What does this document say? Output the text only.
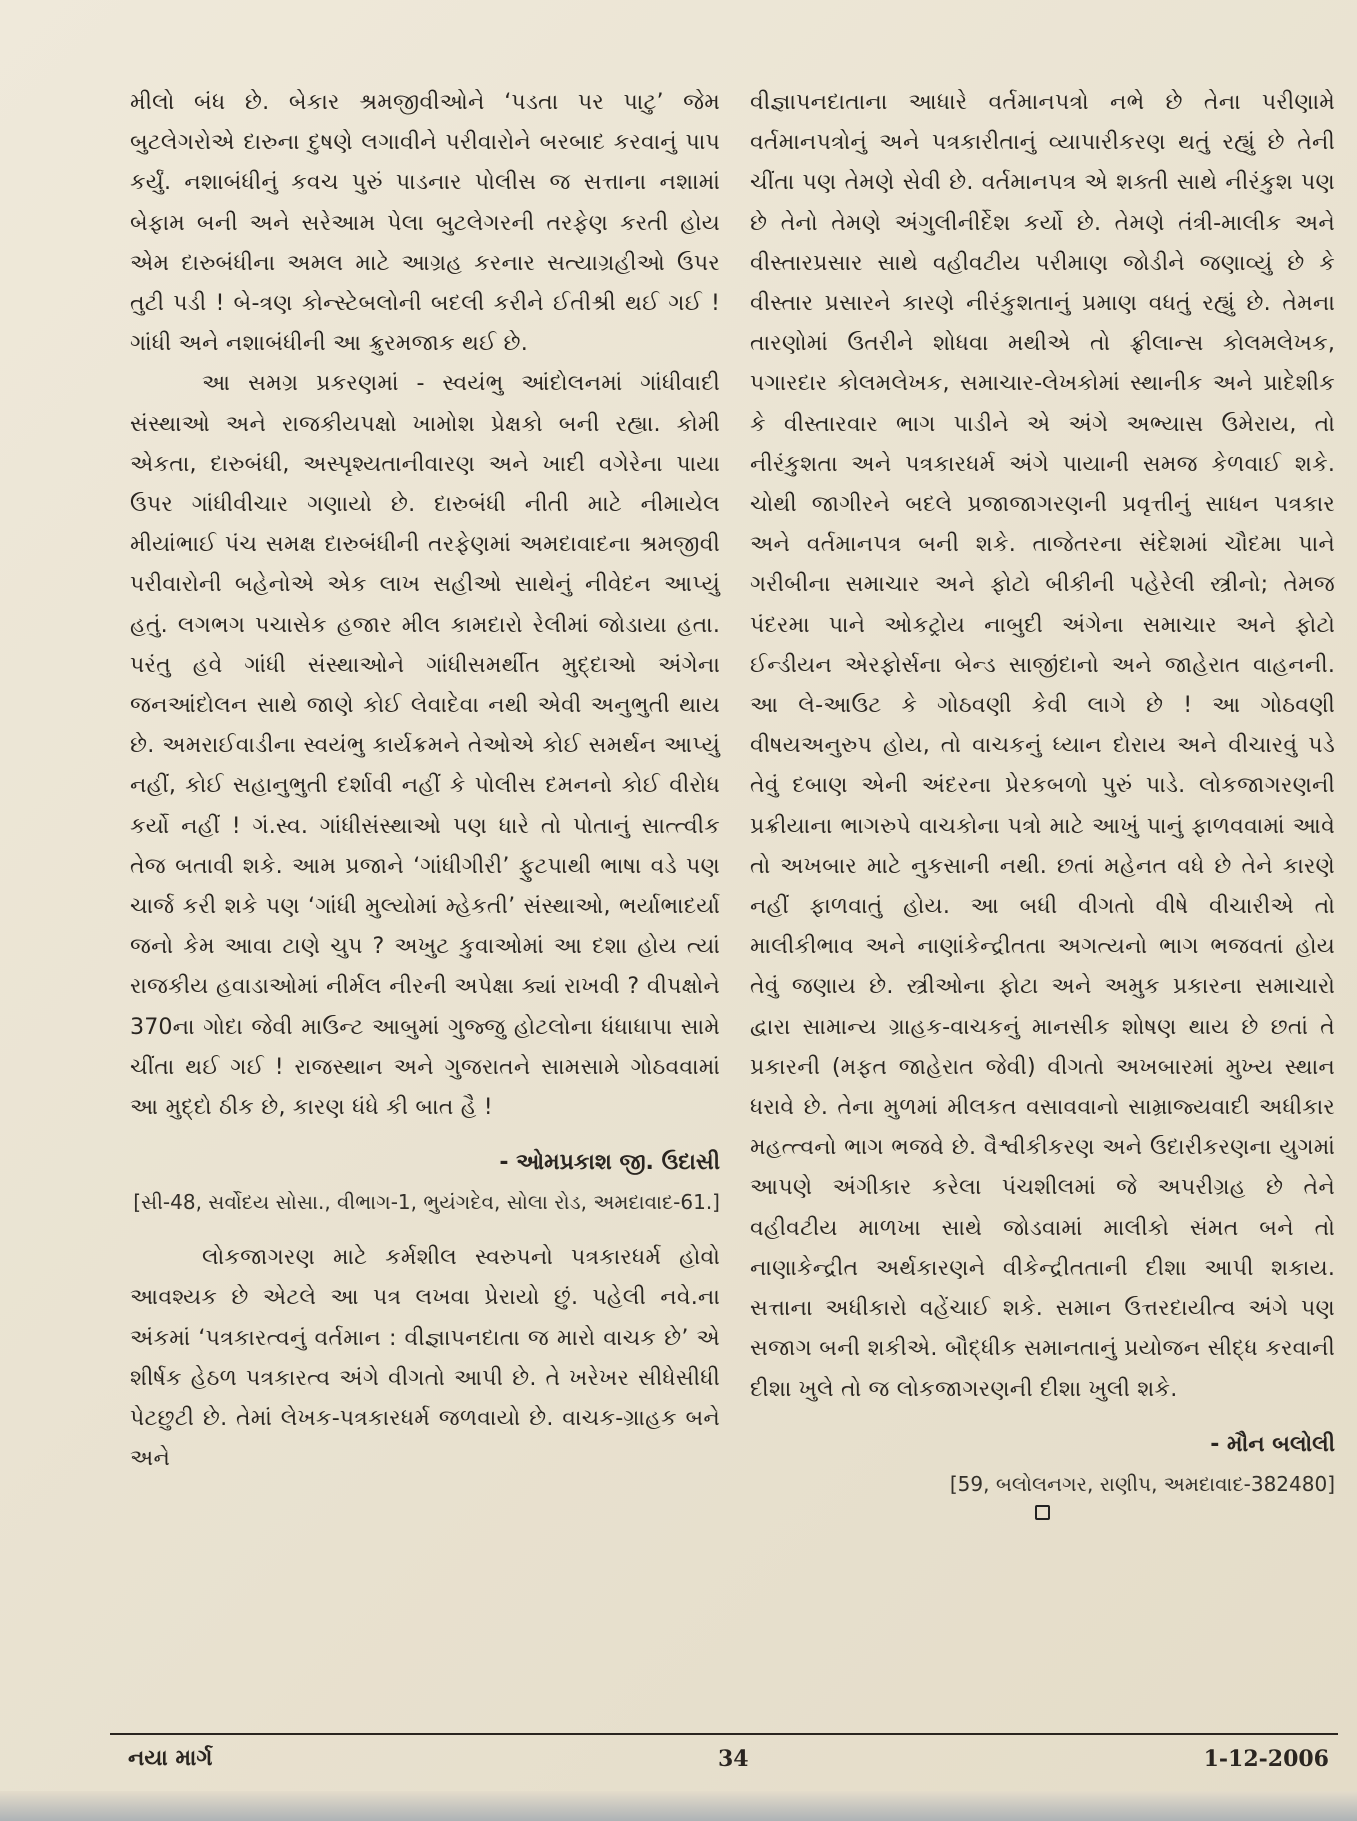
મીલો બંધ છે. બેકાર શ્રમજીવીઓને ‘પડતા પર પાટુ’ જેમ બુટલેગરોએ દારુના દુષણે લગાવીને પરીવારોને બરબાદ કરવાનું પાપ કર્યું. નશાબંધીનું કવચ પુરું પાડનાર પોલીસ જ સત્તાના નશામાં બેફામ બની અને સરેઆમ પેલા બુટલેગરની તરફેણ કરતી હોય એમ દારુબંધીના અમલ માટે આગ્રહ કરનાર સત્યાગ્રહીઓ ઉપર તુટી પડી ! બે-ત્રણ કોન્સ્ટેબલોની બદલી કરીને ઈતીશ્રી થઈ ગઈ ! ગાંધી અને નશાબંધીની આ ક્રુરમજાક થઈ છે.

આ સમગ્ર પ્રકરણમાં - સ્વયંભુ આંદોલનમાં ગાંધીવાદી સંસ્થાઓ અને રાજકીયપક્ષો ખામોશ પ્રેક્ષકો બની રહ્યા. કોમી એકતા, દારુબંધી, અસ્પૃશ્યતાનીવારણ અને ખાદી વગેરેના પાયા ઉપર ગાંધીવીચાર ગણાયો છે. દારુબંધી નીતી માટે નીમાયેલ મીયાંભાઈ પંચ સમક્ષ દારુબંધીની તરફેણમાં અમદાવાદના શ્રમજીવી પરીવારોની બહેનોએ એક લાખ સહીઓ સાથેનું નીવેદન આપ્યું હતું. લગભગ પચાસેક હજાર મીલ કામદારો રેલીમાં જોડાયા હતા. પરંતુ હવે ગાંધી સંસ્થાઓને ગાંધીસમર્થીત મુદ્દાઓ અંગેના જનઆંદોલન સાથે જાણે કોઈ લેવાદેવા નથી એવી અનુભુતી થાય છે. અમરાઈવાડીના સ્વયંભુ કાર્યક્રમને તેઓએ કોઈ સમર્થન આપ્યું નહીં, કોઈ સહાનુભુતી દર્શાવી નહીં કે પોલીસ દમનનો કોઈ વીરોધ કર્યો નહીં ! ગં.સ્વ. ગાંધીસંસ્થાઓ પણ ધારે તો પોતાનું સાત્ત્વીક તેજ બતાવી શકે. આમ પ્રજાને ‘ગાંધીગીરી’ ફુટપાથી ભાષા વડે પણ ચાર્જ કરી શકે પણ ‘ગાંધી મુલ્યોમાં મ્હેકતી’ સંસ્થાઓ, ભર્યાભાદર્યા જનો કેમ આવા ટાણે ચુપ ? અખુટ કુવાઓમાં આ દશા હોય ત્યાં રાજકીય હવાડાઓમાં નીર્મલ નીરની અપેક્ષા ક્યાં રાખવી ? વીપક્ષોને 370ના ગોદા જેવી માઉન્ટ આબુમાં ગુજ્જુ હોટલોના ધંધાધાપા સામે ચીંતા થઈ ગઈ ! રાજસ્થાન અને ગુજરાતને સામસામે ગોઠવવામાં આ મુદ્દો ઠીક છે, કારણ ધંધે કી બાત હૈ !

- ઓમપ્રકાશ જી. ઉદાસી

[સી-48, સર્વોદય સોસા., વીભાગ-1, ભુયંગદેવ, સોલા રોડ, અમદાવાદ-61.]

લોકજાગરણ માટે કર્મશીલ સ્વરુપનો પત્રકારધર્મ હોવો આવશ્યક છે એટલે આ પત્ર લખવા પ્રેરાયો છું. પહેલી નવે.ના અંકમાં ‘પત્રકારત્વનું વર્તમાન : વીજ્ઞાપનદાતા જ મારો વાચક છે’ એ શીર્ષક હેઠળ પત્રકારત્વ અંગે વીગતો આપી છે. તે ખરેખર સીધેસીધી પેટછુટી છે. તેમાં લેખક-પત્રકારધર્મ જળવાયો છે. વાચક-ગ્રાહક બને અને

વીજ્ઞાપનદાતાના આધારે વર્તમાનપત્રો નભે છે તેના પરીણામે વર્તમાનપત્રોનું અને પત્રકારીતાનું વ્યાપારીકરણ થતું રહ્યું છે તેની ચીંતા પણ તેમણે સેવી છે. વર્તમાનપત્ર એ શક્તી સાથે નીરંકુશ પણ છે તેનો તેમણે અંગુલીનીર્દેશ કર્યો છે. તેમણે તંત્રી-માલીક અને વીસ્તારપ્રસાર સાથે વહીવટીય પરીમાણ જોડીને જણાવ્યું છે કે વીસ્તાર પ્રસારને કારણે નીરંકુશતાનું પ્રમાણ વધતું રહ્યું છે. તેમના તારણોમાં ઉતરીને શોધવા મથીએ તો ફ્રીલાન્સ કોલમલેખક, પગારદાર કોલમલેખક, સમાચાર-લેખકોમાં સ્થાનીક અને પ્રાદેશીક કે વીસ્તારવાર ભાગ પાડીને એ અંગે અભ્યાસ ઉમેરાય, તો નીરંકુશતા અને પત્રકારધર્મ અંગે પાયાની સમજ કેળવાઈ શકે. ચોથી જાગીરને બદલે પ્રજાજાગરણની પ્રવૃત્તીનું સાધન પત્રકાર અને વર્તમાનપત્ર બની શકે. તાજેતરના સંદેશમાં ચૌદમા પાને ગરીબીના સમાચાર અને ફોટો બીકીની પહેરેલી સ્ત્રીનો; તેમજ પંદરમા પાને ઓકટ્રોય નાબુદી અંગેના સમાચાર અને ફોટો ઈન્ડીયન એરફોર્સના બેન્ડ સાજીંદાનો અને જાહેરાત વાહનની. આ લે-આઉટ કે ગોઠવણી કેવી લાગે છે ! આ ગોઠવણી વીષયઅનુરુપ હોય, તો વાચકનું ધ્યાન દોરાય અને વીચારવું પડે તેવું દબાણ એની અંદરના પ્રેરકબળો પુરું પાડે. લોકજાગરણની પ્રક્રીયાના ભાગરુપે વાચકોના પત્રો માટે આખું પાનું ફાળવવામાં આવે તો અખબાર માટે નુકસાની નથી. છતાં મહેનત વધે છે તેને કારણે નહીં ફાળવાતું હોય. આ બધી વીગતો વીષે વીચારીએ તો માલીકીભાવ અને નાણાંકેન્દ્રીતતા અગત્યનો ભાગ ભજવતાં હોય તેવું જણાય છે. સ્ત્રીઓના ફોટા અને અમુક પ્રકારના સમાચારો દ્વારા સામાન્ય ગ્રાહક-વાચકનું માનસીક શોષણ થાય છે છતાં તે પ્રકારની (મફત જાહેરાત જેવી) વીગતો અખબારમાં મુખ્ય સ્થાન ધરાવે છે. તેના મુળમાં મીલકત વસાવવાનો સામ્રાજ્યવાદી અધીકાર મહત્ત્વનો ભાગ ભજવે છે. વૈશ્વીકીકરણ અને ઉદારીકરણના યુગમાં આપણે અંગીકાર કરેલા પંચશીલમાં જે અપરીગ્રહ છે તેને વહીવટીય માળખા સાથે જોડવામાં માલીકો સંમત બને તો નાણાકેન્દ્રીત અર્થકારણને વીકેન્દ્રીતતાની દીશા આપી શકાય. સત્તાના અધીકારો વહેંચાઈ શકે. સમાન ઉત્તરદાયીત્વ અંગે પણ સજાગ બની શકીએ. બૌદ્ધીક સમાનતાનું પ્રયોજન સીદ્ધ કરવાની દીશા ખુલે તો જ લોકજાગરણની દીશા ખુલી શકે.

- મૌન બલોલી

[59, બલોલનગર, રાણીપ, અમદાવાદ-382480]

નયા માર્ગ	34	1-12-2006
